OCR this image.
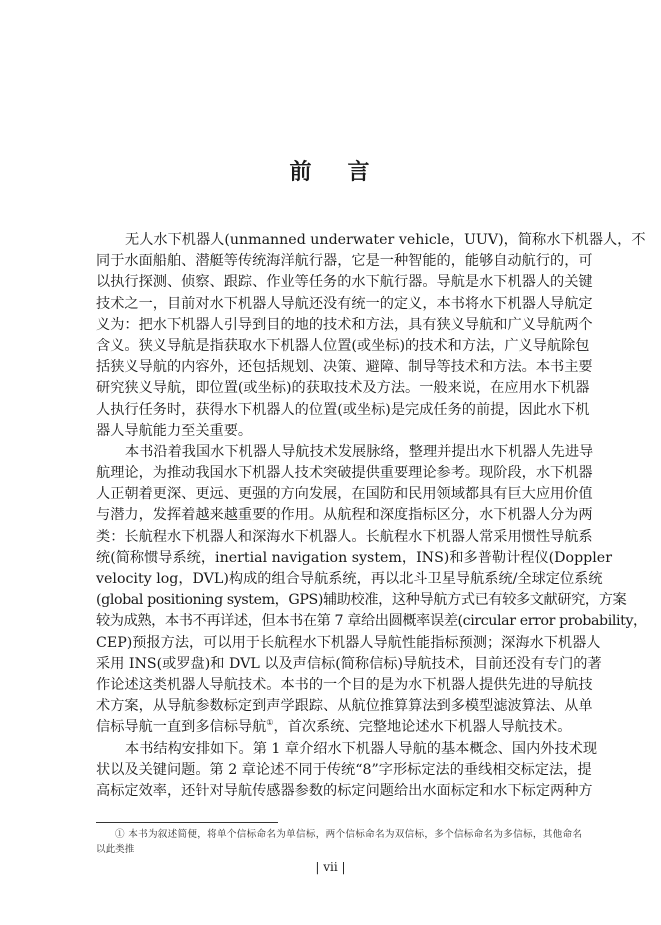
前 言
无人水下机器人(unmanned underwater vehicle，UUV)，简称水下机器人，不
同于水面船舶、潜艇等传统海洋航行器，它是一种智能的，能够自动航行的，可
以执行探测、侦察、跟踪、作业等任务的水下航行器。导航是水下机器人的关键
技术之一，目前对水下机器人导航还没有统一的定义，本书将水下机器人导航定
义为：把水下机器人引导到目的地的技术和方法，具有狭义导航和广义导航两个
含义。狭义导航是指获取水下机器人位置(或坐标)的技术和方法，广义导航除包
括狭义导航的内容外，还包括规划、决策、避障、制导等技术和方法。本书主要
研究狭义导航，即位置(或坐标)的获取技术及方法。一般来说，在应用水下机器
人执行任务时，获得水下机器人的位置(或坐标)是完成任务的前提，因此水下机
器人导航能力至关重要。
本书沿着我国水下机器人导航技术发展脉络，整理并提出水下机器人先进导
航理论，为推动我国水下机器人技术突破提供重要理论参考。现阶段，水下机器
人正朝着更深、更远、更强的方向发展，在国防和民用领域都具有巨大应用价值
与潜力，发挥着越来越重要的作用。从航程和深度指标区分，水下机器人分为两
类：长航程水下机器人和深海水下机器人。长航程水下机器人常采用惯性导航系
统(简称惯导系统，inertial navigation system，INS)和多普勒计程仪(Doppler
velocity log，DVL)构成的组合导航系统，再以北斗卫星导航系统/全球定位系统
(global positioning system，GPS)辅助校准，这种导航方式已有较多文献研究，方案
较为成熟，本书不再详述，但本书在第 7 章给出圆概率误差(circular error probability，
CEP)预报方法，可以用于长航程水下机器人导航性能指标预测；深海水下机器人
采用 INS(或罗盘)和 DVL 以及声信标(简称信标)导航技术，目前还没有专门的著
作论述这类机器人导航技术。本书的一个目的是为水下机器人提供先进的导航技
术方案，从导航参数标定到声学跟踪、从航位推算算法到多模型滤波算法、从单
信标导航一直到多信标导航①，首次系统、完整地论述水下机器人导航技术。
本书结构安排如下。第 1 章介绍水下机器人导航的基本概念、国内外技术现
状以及关键问题。第 2 章论述不同于传统“8”字形标定法的垂线相交标定法，提
高标定效率，还针对导航传感器参数的标定问题给出水面标定和水下标定两种方
① 本书为叙述简便，将单个信标命名为单信标，两个信标命名为双信标，多个信标命名为多信标，其他命名
以此类推
| vii |
